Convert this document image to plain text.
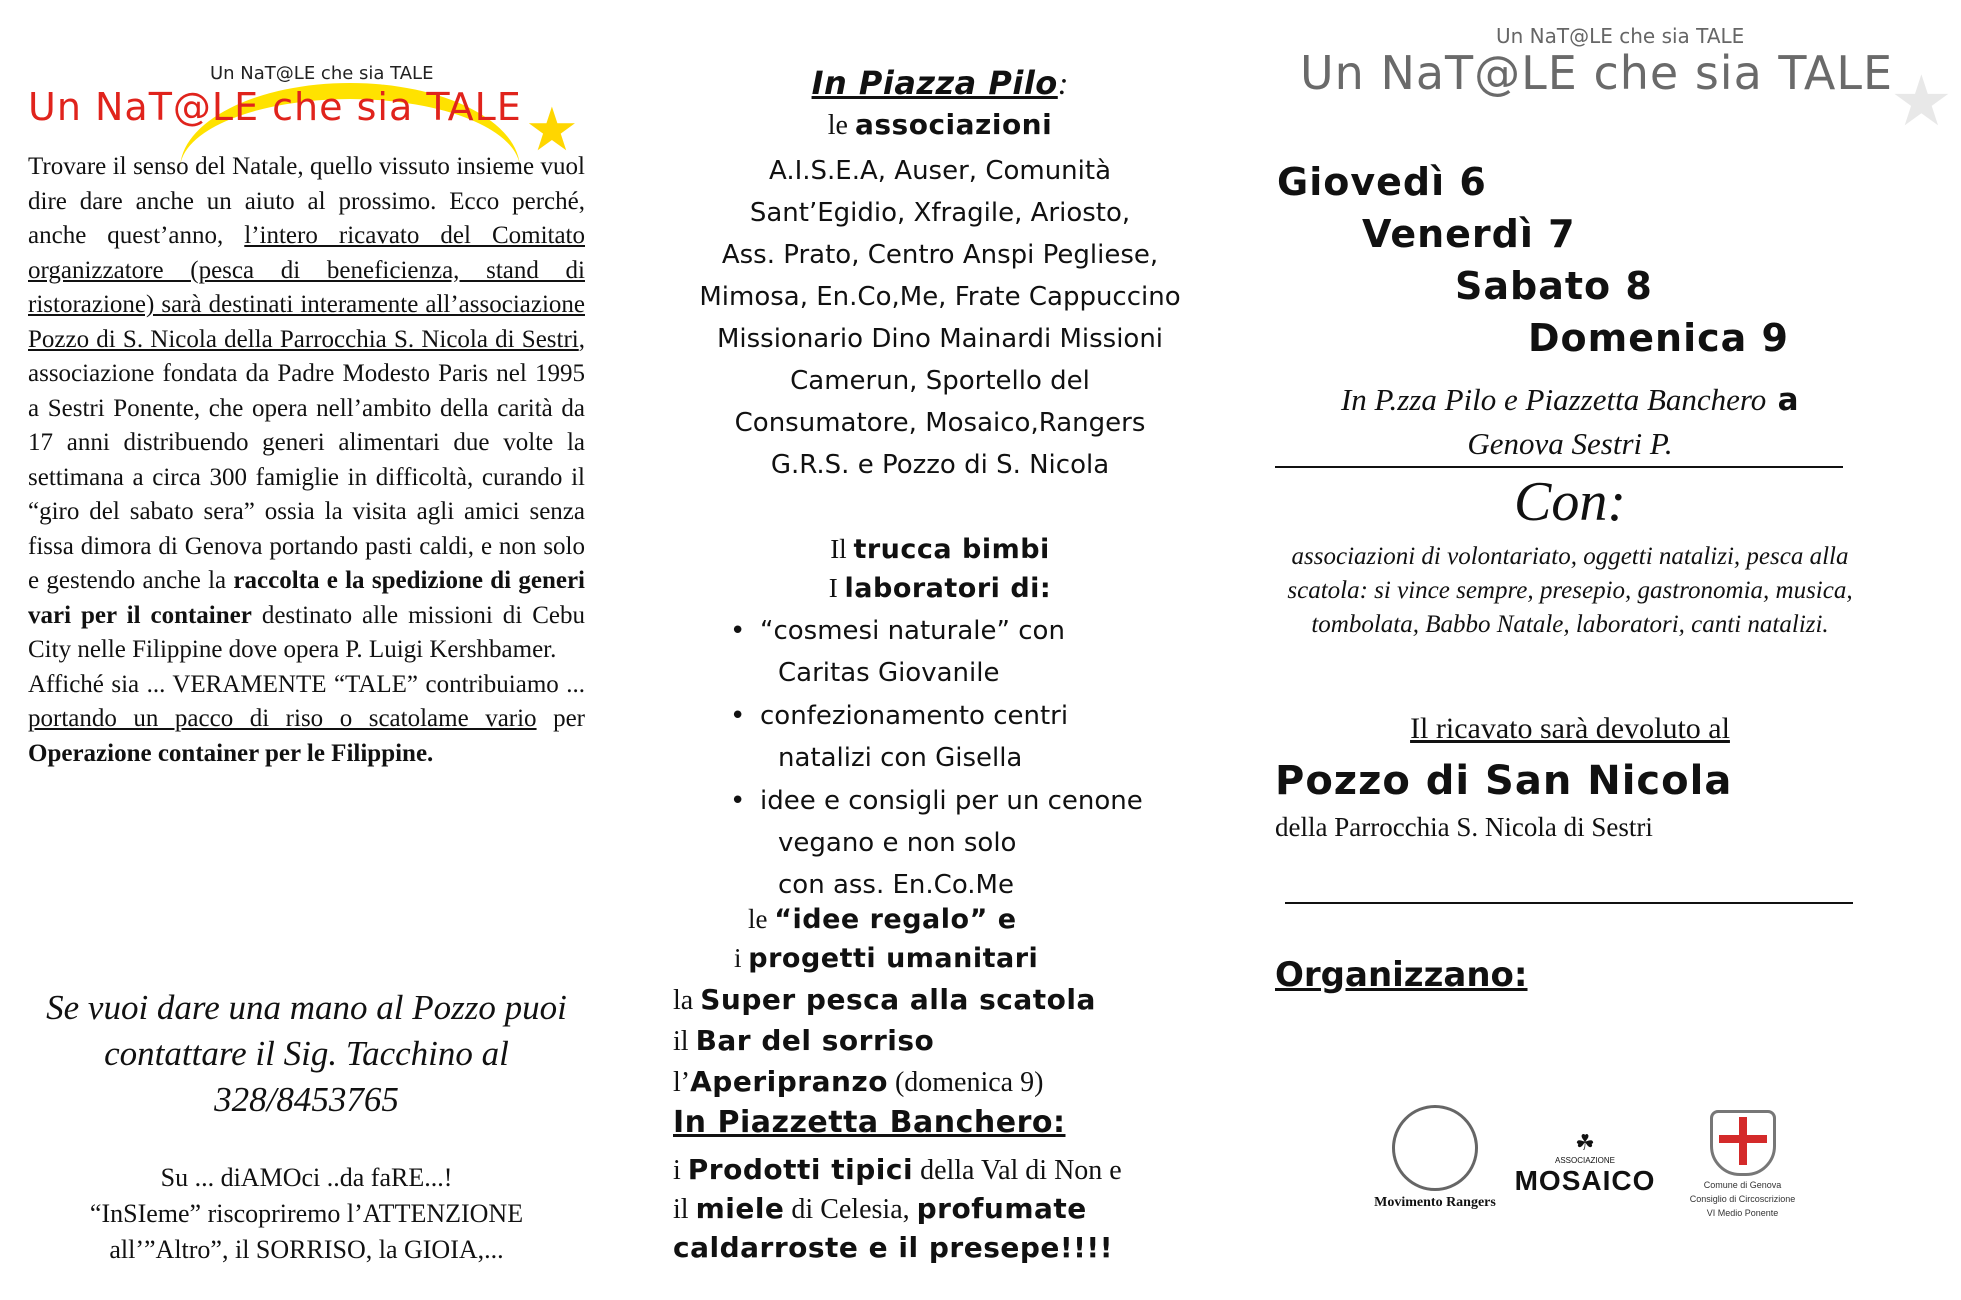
Un NaT@LE che sia TALE
Un NaT@LE che sia TALE ★
Trovare il senso del Natale, quello vissuto insieme vuol dire dare anche un aiuto al prossimo. Ecco perché, anche quest’anno, l’intero ricavato del Comitato organizzatore (pesca di beneficienza, stand di ristorazione) sarà destinati interamente all’associazione Pozzo di S. Nicola della Parrocchia S. Nicola di Sestri, associazione fondata da Padre Modesto Paris nel 1995 a Sestri Ponente, che opera nell’ambito della carità da 17 anni distribuendo generi alimentari due volte la settimana a circa 300 famiglie in difficoltà, curando il “giro del sabato sera” ossia la visita agli amici senza fissa dimora di Genova portando pasti caldi, e non solo e gestendo anche la raccolta e la spedizione di generi vari per il container destinato alle missioni di Cebu City nelle Filippine dove opera P. Luigi Kershbamer.
Affiché sia ... VERAMENTE “TALE” contribuiamo ... portando un pacco di riso o scatolame vario per Operazione container per le Filippine.
Se vuoi dare una mano al Pozzo puoi contattare il Sig. Tacchino al 328/8453765
Su ... diAMOci ..da faRE...!
“InSIeme” riscopriremo l’ATTENZIONE all’”Altro”, il SORRISO, la GIOIA,...
In Piazza Pilo:
le associazioni
A.I.S.E.A, Auser, Comunità
Sant’Egidio, Xfragile, Ariosto,
Ass. Prato, Centro Anspi Pegliese,
Mimosa, En.Co,Me, Frate Cappuccino
Missionario Dino Mainardi Missioni
Camerun, Sportello del
Consumatore, Mosaico,Rangers
G.R.S. e Pozzo di S. Nicola
Il trucca bimbi
I laboratori di:
• “cosmesi naturale” con
Caritas Giovanile
• confezionamento centri
natalizi con Gisella
• idee e consigli per un cenone
vegano e non solo
con ass. En.Co.Me
le “idee regalo” e
i progetti umanitari
la Super pesca alla scatola
il Bar del sorriso
l’Aperipranzo (domenica 9)
In Piazzetta Banchero:
i Prodotti tipici della Val di Non e
il miele di Celesia, profumate
caldarroste e il presepe!!!!
Un NaT@LE che sia TALE
Un NaT@LE che sia TALE
★
Giovedì 6
Venerdì 7
Sabato 8
Domenica 9
In P.zza Pilo e Piazzetta Banchero a
Genova Sestri P.
Con:
associazioni di volontariato, oggetti natalizi, pesca alla scatola: si vince sempre, presepio, gastronomia, musica, tombolata, Babbo Natale, laboratori, canti natalizi.
Il ricavato sarà devoluto al
Pozzo di San Nicola
della Parrocchia S. Nicola di Sestri
Organizzano:
Movimento Rangers
☘
ASSOCIAZIONE
MOSAICO	Comune di Genova
Consiglio di Circoscrizione
VI Medio Ponente
